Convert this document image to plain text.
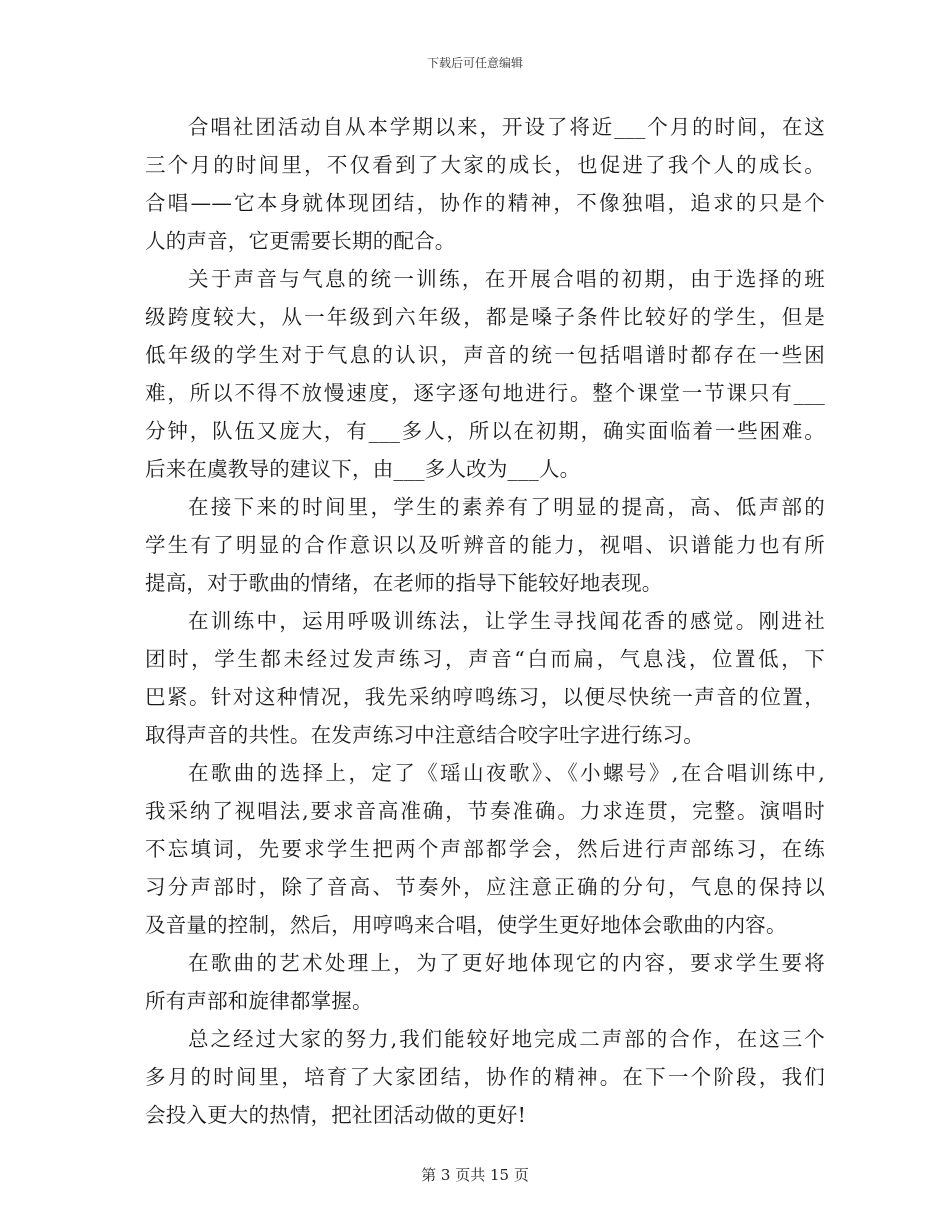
下载后可任意编辑
合唱社团活动自从本学期以来，开设了将近___个月的时间，在这
三个月的时间里，不仅看到了大家的成长，也促进了我个人的成长。
合唱——它本身就体现团结，协作的精神，不像独唱，追求的只是个
人的声音，它更需要长期的配合。
关于声音与气息的统一训练，在开展合唱的初期，由于选择的班
级跨度较大，从一年级到六年级，都是嗓子条件比较好的学生，但是
低年级的学生对于气息的认识，声音的统一包括唱谱时都存在一些困
难，所以不得不放慢速度，逐字逐句地进行。整个课堂一节课只有___
分钟，队伍又庞大，有___多人，所以在初期，确实面临着一些困难。
后来在虞教导的建议下，由___多人改为___人。
在接下来的时间里，学生的素养有了明显的提高，高、低声部的
学生有了明显的合作意识以及听辨音的能力，视唱、识谱能力也有所
提高，对于歌曲的情绪，在老师的指导下能较好地表现。
在训练中，运用呼吸训练法，让学生寻找闻花香的感觉。刚进社
团时，学生都未经过发声练习，声音“白而扁，气息浅，位置低，下
巴紧。针对这种情况，我先采纳哼鸣练习，以便尽快统一声音的位置，
取得声音的共性。在发声练习中注意结合咬字吐字进行练习。
在歌曲的选择上，定了《瑶山夜歌》、《小螺号》,在合唱训练中,
我采纳了视唱法,要求音高准确，节奏准确。力求连贯，完整。演唱时
不忘填词，先要求学生把两个声部都学会，然后进行声部练习，在练
习分声部时，除了音高、节奏外，应注意正确的分句，气息的保持以
及音量的控制，然后，用哼鸣来合唱，使学生更好地体会歌曲的内容。
在歌曲的艺术处理上，为了更好地体现它的内容，要求学生要将
所有声部和旋律都掌握。
总之经过大家的努力,我们能较好地完成二声部的合作，在这三个
多月的时间里，培育了大家团结，协作的精神。在下一个阶段，我们
会投入更大的热情，把社团活动做的更好!
第 3 页共 15 页
